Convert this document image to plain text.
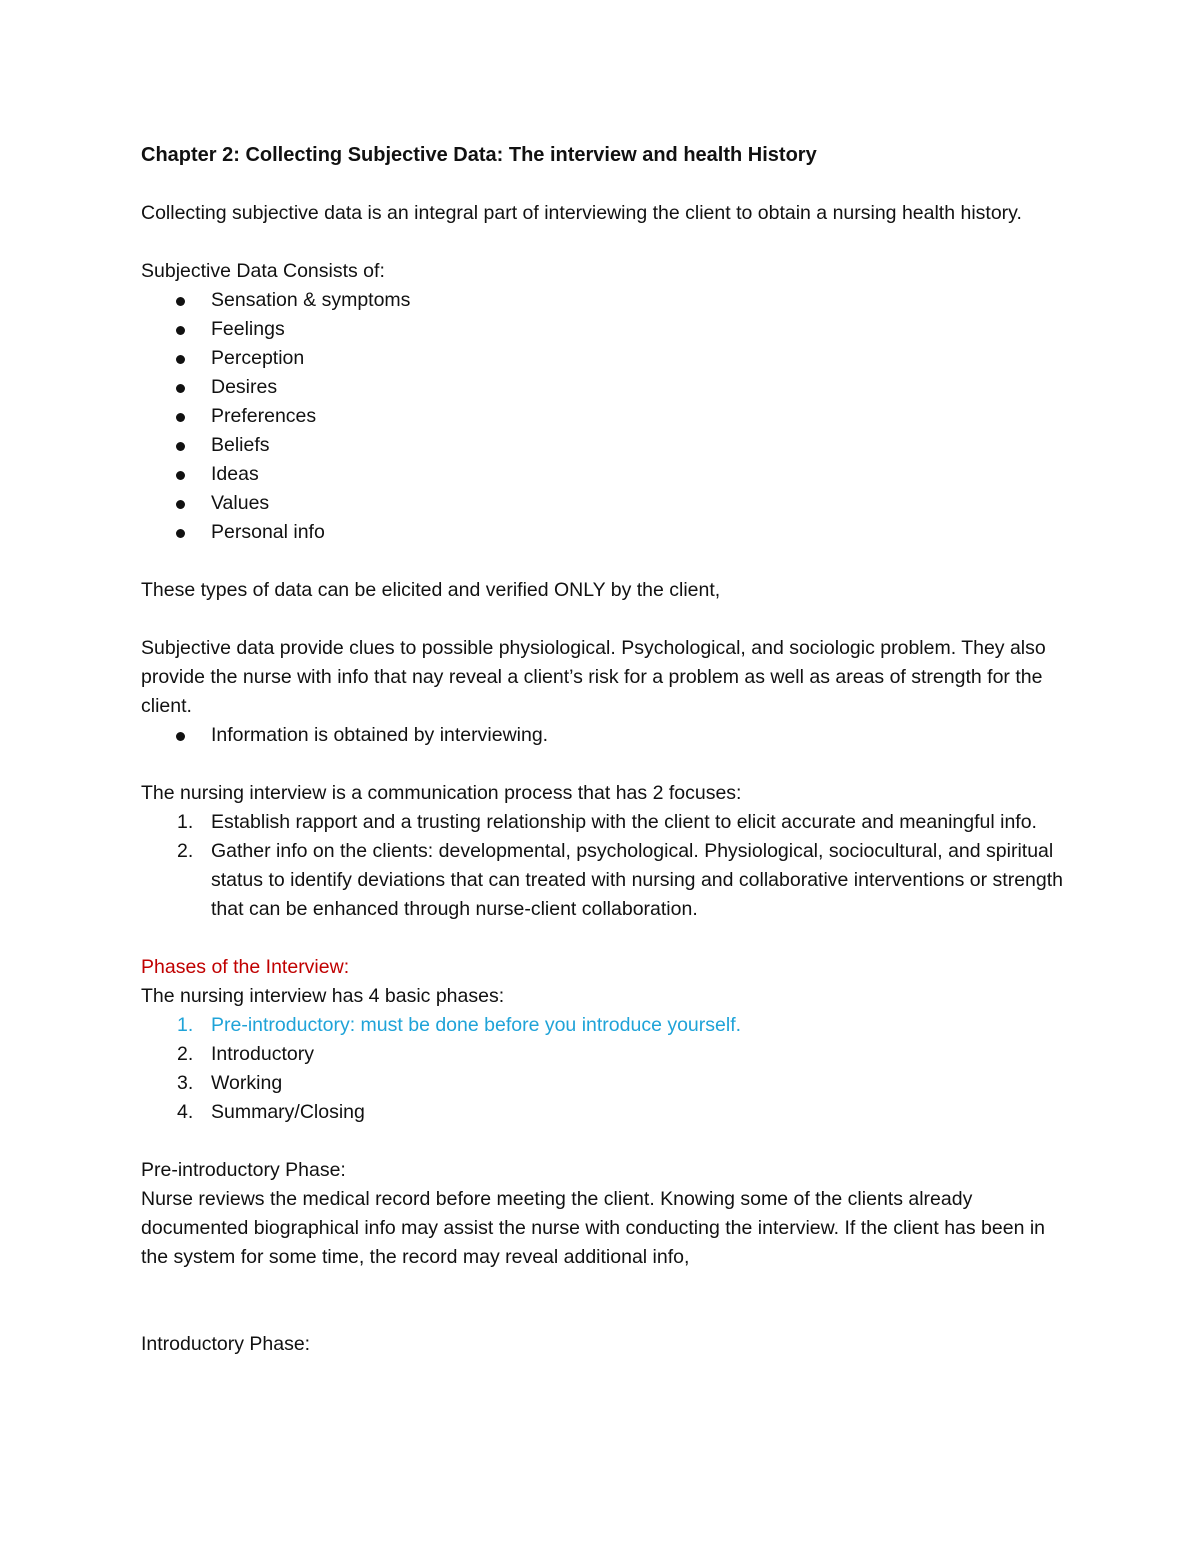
Chapter 2: Collecting Subjective Data: The interview and health History

Collecting subjective data is an integral part of interviewing the client to obtain a nursing health history.

Subjective Data Consists of:

Sensation & symptoms
Feelings
Perception
Desires
Preferences
Beliefs
Ideas
Values
Personal info

These types of data can be elicited and verified ONLY by the client,

Subjective data provide clues to possible physiological. Psychological, and sociologic problem. They also provide the nurse with info that nay reveal a client’s risk for a problem as well as areas of strength for the client.

Information is obtained by interviewing.

The nursing interview is a communication process that has 2 focuses:

1. Establish rapport and a trusting relationship with the client to elicit accurate and meaningful info.
2. Gather info on the clients: developmental, psychological. Physiological, sociocultural, and spiritual status to identify deviations that can treated with nursing and collaborative interventions or strength that can be enhanced through nurse-client collaboration.

Phases of the Interview:

The nursing interview has 4 basic phases:

1. Pre-introductory: must be done before you introduce yourself.
2. Introductory
3. Working
4. Summary/Closing

Pre-introductory Phase:

Nurse reviews the medical record before meeting the client. Knowing some of the clients already documented biographical info may assist the nurse with conducting the interview. If the client has been in the system for some time, the record may reveal additional info,

Introductory Phase:
